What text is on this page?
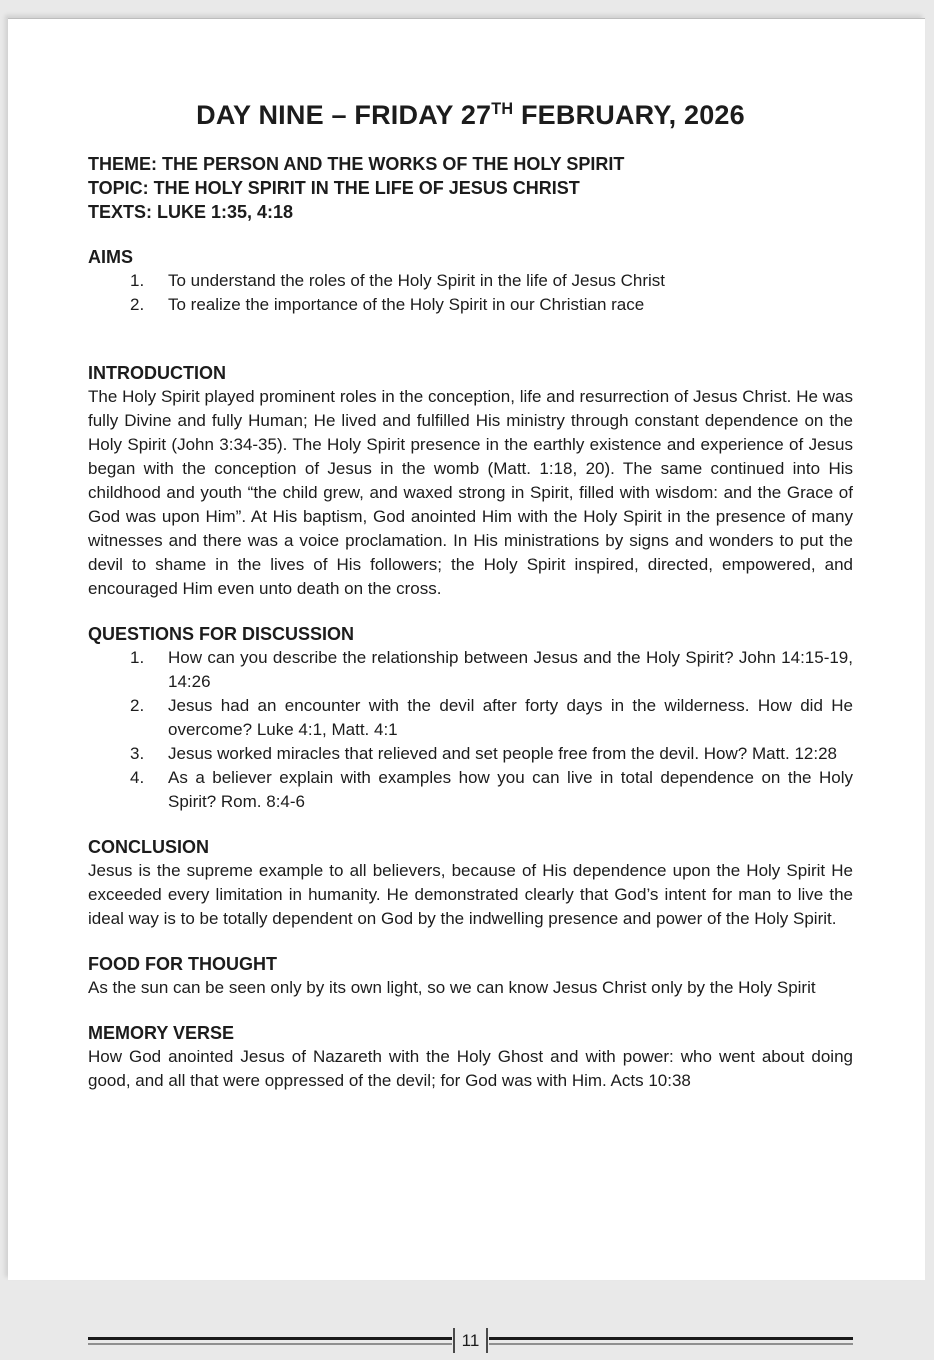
DAY NINE – FRIDAY 27TH FEBRUARY, 2026
THEME: THE PERSON AND THE WORKS OF THE HOLY SPIRIT
TOPIC: THE HOLY SPIRIT IN THE LIFE OF JESUS CHRIST
TEXTS: LUKE 1:35, 4:18
AIMS
To understand the roles of the Holy Spirit in the life of Jesus Christ
To realize the importance of the Holy Spirit in our Christian race
INTRODUCTION

The Holy Spirit played prominent roles in the conception, life and resurrection of Jesus Christ. He was fully Divine and fully Human; He lived and fulfilled His ministry through constant dependence on the Holy Spirit (John 3:34-35). The Holy Spirit presence in the earthly existence and experience of Jesus began with the conception of Jesus in the womb (Matt. 1:18, 20). The same continued into His childhood and youth “the child grew, and waxed strong in Spirit, filled with wisdom: and the Grace of God was upon Him”. At His baptism, God anointed Him with the Holy Spirit in the presence of many witnesses and there was a voice proclamation. In His ministrations by signs and wonders to put the devil to shame in the lives of His followers; the Holy Spirit inspired, directed, empowered, and encouraged Him even unto death on the cross.

QUESTIONS FOR DISCUSSION
How can you describe the relationship between Jesus and the Holy Spirit? John 14:15-19, 14:26
Jesus had an encounter with the devil after forty days in the wilderness. How did He overcome? Luke 4:1, Matt. 4:1
Jesus worked miracles that relieved and set people free from the devil. How? Matt. 12:28
As a believer explain with examples how you can live in total dependence on the Holy Spirit? Rom. 8:4-6
CONCLUSION

Jesus is the supreme example to all believers, because of His dependence upon the Holy Spirit He exceeded every limitation in humanity. He demonstrated clearly that God’s intent for man to live the ideal way is to be totally dependent on God by the indwelling presence and power of the Holy Spirit.

FOOD FOR THOUGHT

As the sun can be seen only by its own light, so we can know Jesus Christ only by the Holy Spirit

MEMORY VERSE

How God anointed Jesus of Nazareth with the Holy Ghost and with power: who went about doing good, and all that were oppressed of the devil; for God was with Him. Acts 10:38

11
